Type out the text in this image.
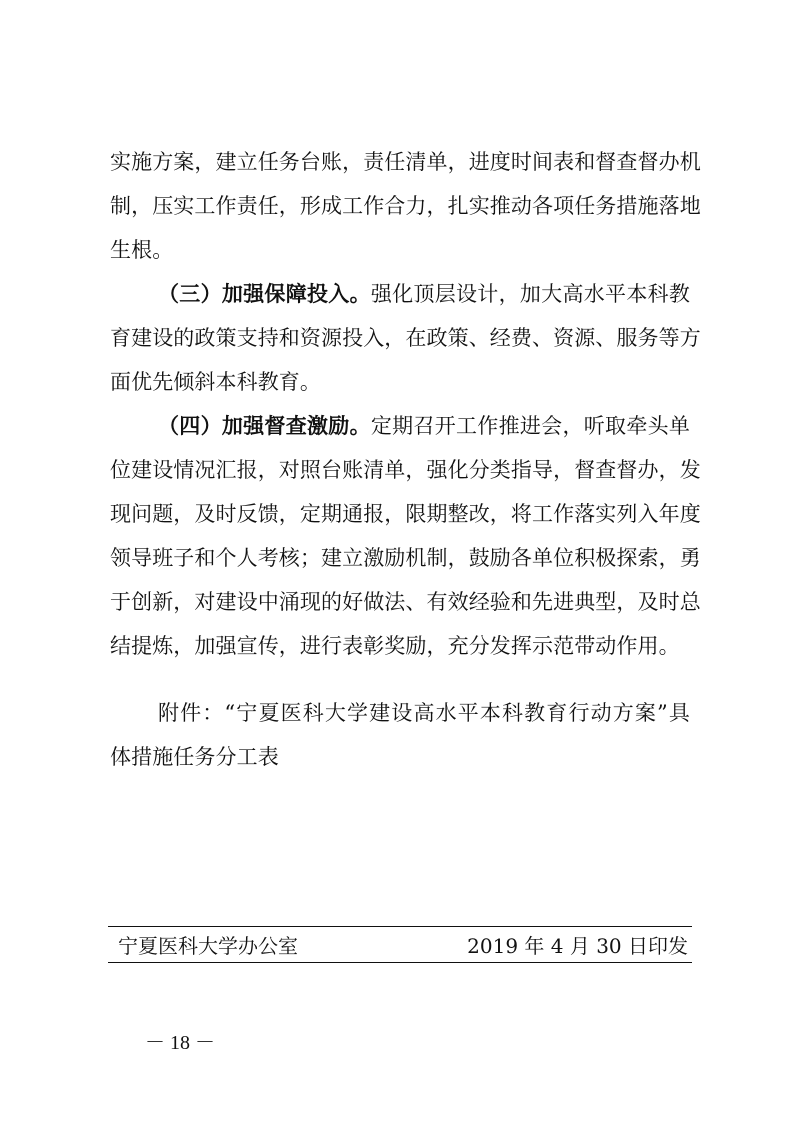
实施方案，建立任务台账，责任清单，进度时间表和督查督办机
制，压实工作责任，形成工作合力，扎实推动各项任务措施落地
生根。
（三）加强保障投入。强化顶层设计，加大高水平本科教
育建设的政策支持和资源投入，在政策、经费、资源、服务等方
面优先倾斜本科教育。
（四）加强督查激励。定期召开工作推进会，听取牵头单
位建设情况汇报，对照台账清单，强化分类指导，督查督办，发
现问题，及时反馈，定期通报，限期整改，将工作落实列入年度
领导班子和个人考核；建立激励机制，鼓励各单位积极探索，勇
于创新，对建设中涌现的好做法、有效经验和先进典型，及时总
结提炼，加强宣传，进行表彰奖励，充分发挥示范带动作用。
附件：“宁夏医科大学建设高水平本科教育行动方案”具
体措施任务分工表
宁夏医科大学办公室	2019 年 4 月 30 日印发
－ 18 －
